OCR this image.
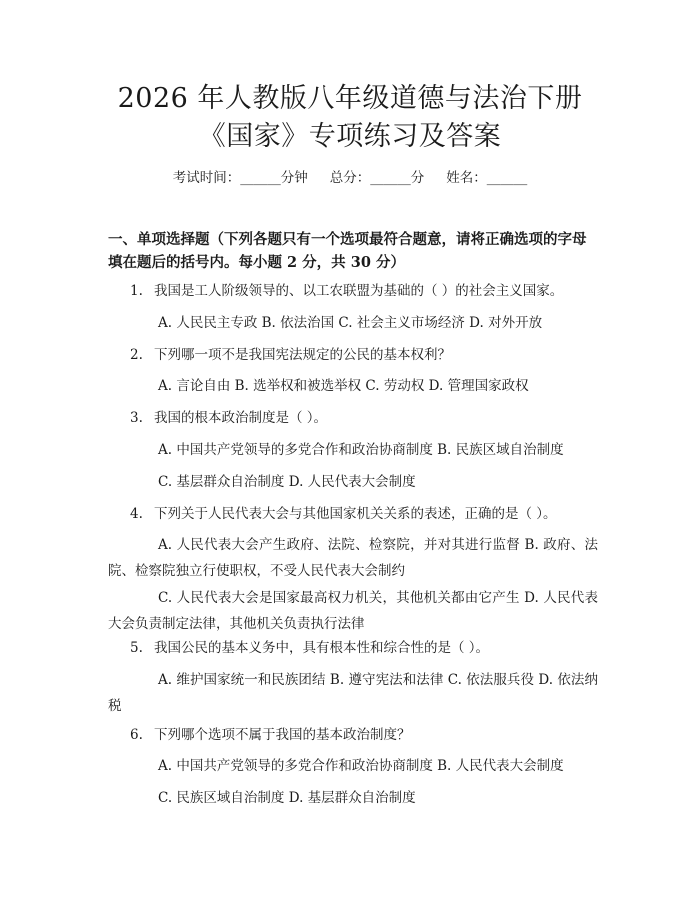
2026 年人教版八年级道德与法治下册《国家》专项练习及答案
考试时间：______分钟 总分：______分 姓名：______
一、单项选择题（下列各题只有一个选项最符合题意，请将正确选项的字母填在题后的括号内。每小题 2 分，共 30 分）
1. 我国是工人阶级领导的、以工农联盟为基础的（ ）的社会主义国家。
A. 人民民主专政 B. 依法治国 C. 社会主义市场经济 D. 对外开放
2. 下列哪一项不是我国宪法规定的公民的基本权利？
A. 言论自由 B. 选举权和被选举权 C. 劳动权 D. 管理国家政权
3. 我国的根本政治制度是（ ）。
A. 中国共产党领导的多党合作和政治协商制度 B. 民族区域自治制度
C. 基层群众自治制度 D. 人民代表大会制度
4. 下列关于人民代表大会与其他国家机关关系的表述，正确的是（ ）。
A. 人民代表大会产生政府、法院、检察院，并对其进行监督 B. 政府、法院、检察院独立行使职权，不受人民代表大会制约
C. 人民代表大会是国家最高权力机关，其他机关都由它产生 D. 人民代表大会负责制定法律，其他机关负责执行法律
5. 我国公民的基本义务中，具有根本性和综合性的是（ ）。
A. 维护国家统一和民族团结 B. 遵守宪法和法律 C. 依法服兵役 D. 依法纳税
6. 下列哪个选项不属于我国的基本政治制度？
A. 中国共产党领导的多党合作和政治协商制度 B. 人民代表大会制度
C. 民族区域自治制度 D. 基层群众自治制度
